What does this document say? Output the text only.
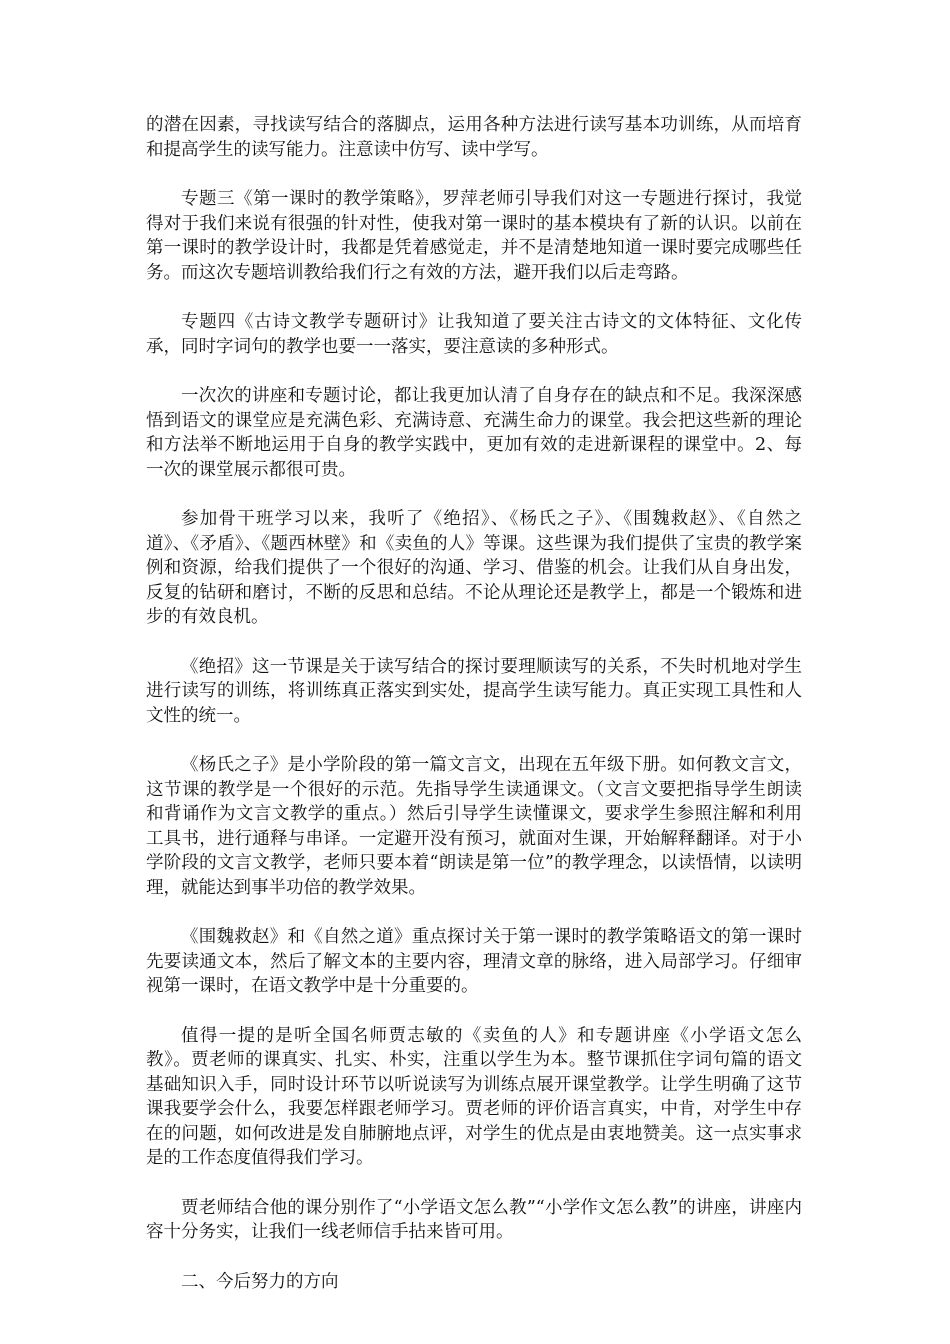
的潜在因素，寻找读写结合的落脚点，运用各种方法进行读写基本功训练，从而培育和提高学生的读写能力。注意读中仿写、读中学写。

专题三《第一课时的教学策略》，罗萍老师引导我们对这一专题进行探讨，我觉得对于我们来说有很强的针对性，使我对第一课时的基本模块有了新的认识。以前在第一课时的教学设计时，我都是凭着感觉走，并不是清楚地知道一课时要完成哪些任务。而这次专题培训教给我们行之有效的方法，避开我们以后走弯路。

专题四《古诗文教学专题研讨》让我知道了要关注古诗文的文体特征、文化传承，同时字词句的教学也要一一落实，要注意读的多种形式。

一次次的讲座和专题讨论，都让我更加认清了自身存在的缺点和不足。我深深感悟到语文的课堂应是充满色彩、充满诗意、充满生命力的课堂。我会把这些新的理论和方法举不断地运用于自身的教学实践中，更加有效的走进新课程的课堂中。2、每一次的课堂展示都很可贵。

参加骨干班学习以来，我听了《绝招》、《杨氏之子》、《围魏救赵》、《自然之道》、《矛盾》、《题西林壁》和《卖鱼的人》等课。这些课为我们提供了宝贵的教学案例和资源，给我们提供了一个很好的沟通、学习、借鉴的机会。让我们从自身出发，反复的钻研和磨讨，不断的反思和总结。不论从理论还是教学上，都是一个锻炼和进步的有效良机。

《绝招》这一节课是关于读写结合的探讨要理顺读写的关系，不失时机地对学生进行读写的训练，将训练真正落实到实处，提高学生读写能力。真正实现工具性和人文性的统一。

《杨氏之子》是小学阶段的第一篇文言文，出现在五年级下册。如何教文言文，这节课的教学是一个很好的示范。先指导学生读通课文。（文言文要把指导学生朗读和背诵作为文言文教学的重点。）然后引导学生读懂课文，要求学生参照注解和利用工具书，进行通释与串译。一定避开没有预习，就面对生课，开始解释翻译。对于小学阶段的文言文教学，老师只要本着“朗读是第一位”的教学理念，以读悟情，以读明理，就能达到事半功倍的教学效果。

《围魏救赵》和《自然之道》重点探讨关于第一课时的教学策略语文的第一课时先要读通文本，然后了解文本的主要内容，理清文章的脉络，进入局部学习。仔细审视第一课时，在语文教学中是十分重要的。

值得一提的是听全国名师贾志敏的《卖鱼的人》和专题讲座《小学语文怎么教》。贾老师的课真实、扎实、朴实，注重以学生为本。整节课抓住字词句篇的语文基础知识入手，同时设计环节以听说读写为训练点展开课堂教学。让学生明确了这节课我要学会什么，我要怎样跟老师学习。贾老师的评价语言真实，中肯，对学生中存在的问题，如何改进是发自肺腑地点评，对学生的优点是由衷地赞美。这一点实事求是的工作态度值得我们学习。

贾老师结合他的课分别作了“小学语文怎么教”“小学作文怎么教”的讲座，讲座内容十分务实，让我们一线老师信手拈来皆可用。

二、今后努力的方向
